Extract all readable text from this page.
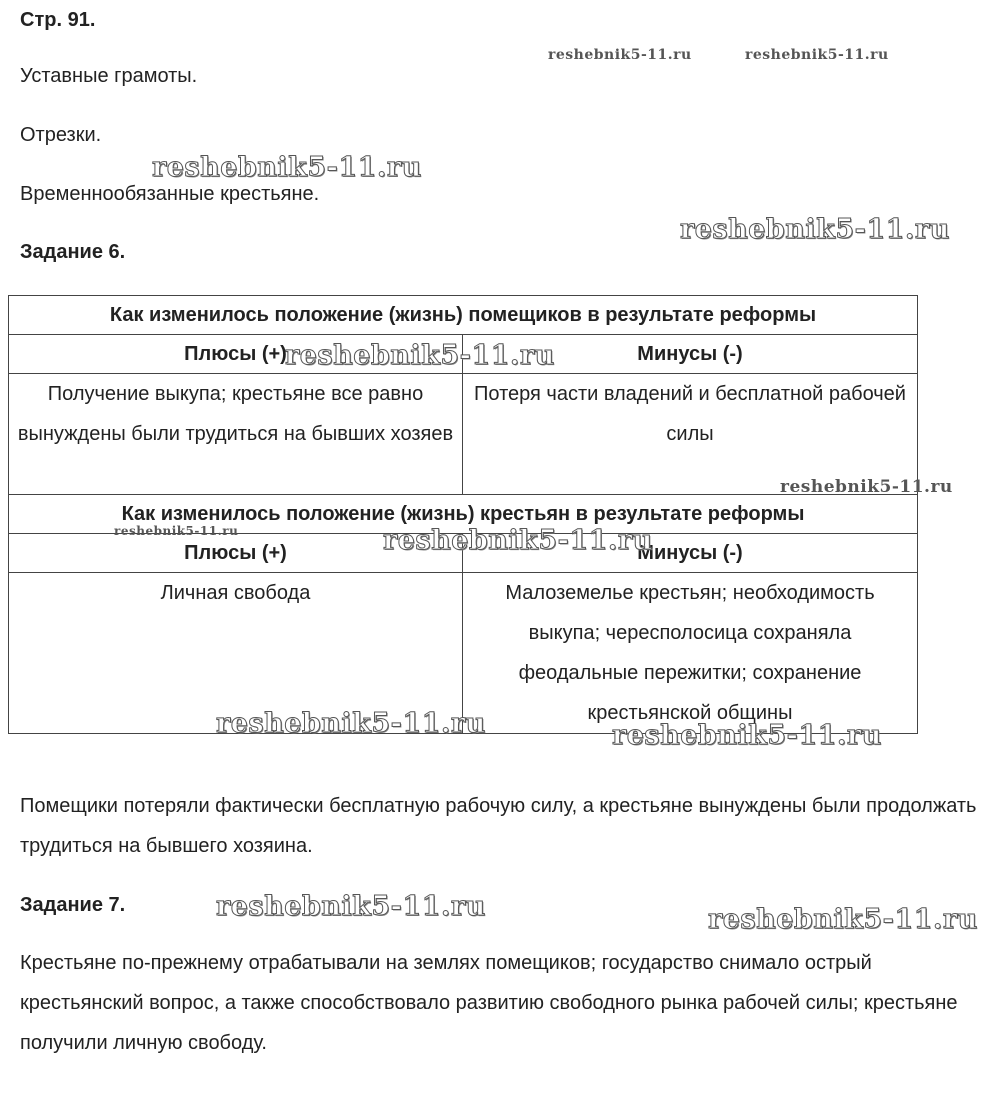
Стр. 91.
Уставные грамоты.
Отрезки.
Временнообязанные крестьяне.
Задание 6.
Как изменилось положение (жизнь) помещиков в результате реформы	
Плюсы (+)	Минусы (-)
Получение выкупа; крестьяне все равно вынуждены были трудиться на бывших хозяев	Потеря части владений и бесплатной рабочей силы
Как изменилось положение (жизнь) крестьян в результате реформы	
Плюсы (+)	Минусы (-)
Личная свобода	Малоземелье крестьян; необходимость выкупа; чересполосица сохраняла феодальные пережитки; сохранение крестьянской общины
Помещики потеряли фактически бесплатную рабочую силу, а крестьяне вынуждены были продолжать трудиться на бывшего хозяина.
Задание 7.
Крестьяне по-прежнему отрабатывали на землях помещиков; государство снимало острый крестьянский вопрос, а также способствовало развитию свободного рынка рабочей силы; крестьяне получили личную свободу.
reshebnik5-11.ru	reshebnik5-11.ru
reshebnik5-11.ru
reshebnik5-11.ru
reshebnik5-11.ru
reshebnik5-11.ru
reshebnik5-11.ru	reshebnik5-11.ru
reshebnik5-11.ru	reshebnik5-11.ru
reshebnik5-11.ru	reshebnik5-11.ru
